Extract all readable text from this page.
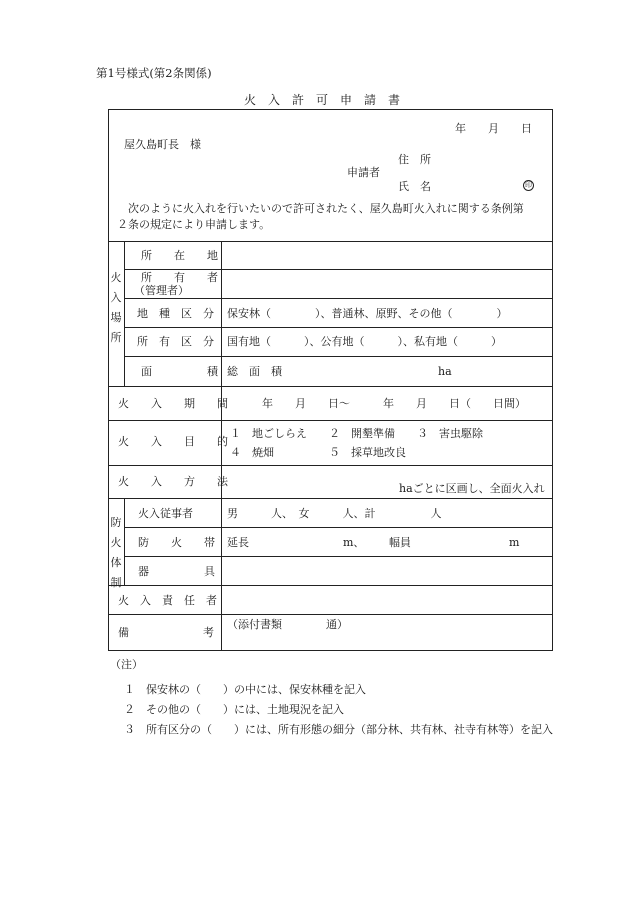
第1号様式(第2条関係)
火　入　許　可　申　請　書
年　　月　　日
屋久島町長　様
住　所
申請者
氏　名	印
次のように火入れを行いたいので許可されたく、屋久島町火入れに関する条例第
２条の規定により申請します。
火
入
場
所
所　　在　　地
所　　有　　者
（管理者）
地　種　区　分 保安林（　　　　）、普通林、原野、その他（　　　　）
所　有　区　分 国有地（　　　）、公有地（　　　）、私有地（　　　）
面　　　　　積 総　面　積	ha
火　　入　　期　　間	年　　月　　日～　　　年　　月　　日（　　日間）
火　　入　　目　　的
１　地ごしらえ　　２　開墾準備　　３　害虫駆除
４　焼畑　　　　　５　採草地改良
火　　入　　方　　法
haごとに区画し、全面火入れ
防
火
体
制
火入従事者	男　　　人、　女　　　人、計　　　　　人
防　　火　　帯 延長	m、 幅員	m
器　　　　　具
火　入　責　任　者
備	考
（添付書類　　　　通）
（注）
１　保安林の（　　）の中には、保安林種を記入
２　その他の（　　）には、土地現況を記入
３　所有区分の（　　）には、所有形態の細分（部分林、共有林、社寺有林等）を記入
